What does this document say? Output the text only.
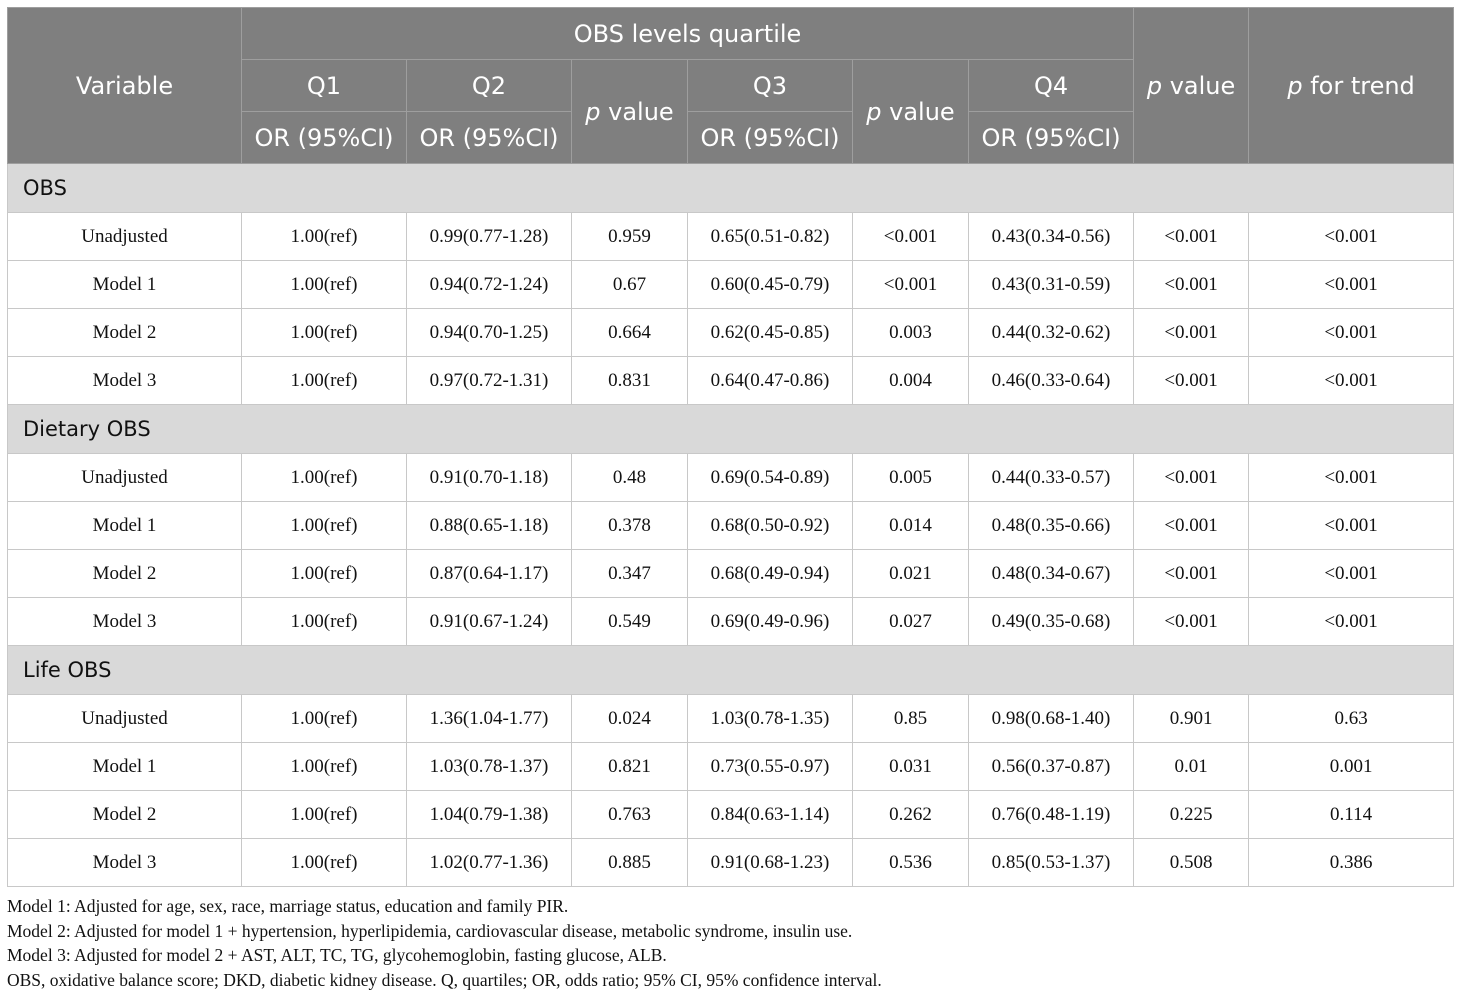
Variable	OBS levels quartile						p value	p for trend
	Q1	Q2	p value	Q3	p value	Q4		
	OR (95%CI)	OR (95%CI)		OR (95%CI)		OR (95%CI)		
OBS								
Unadjusted	1.00(ref)	0.99(0.77-1.28)	0.959	0.65(0.51-0.82)	<0.001	0.43(0.34-0.56)	<0.001	<0.001
Model 1	1.00(ref)	0.94(0.72-1.24)	0.67	0.60(0.45-0.79)	<0.001	0.43(0.31-0.59)	<0.001	<0.001
Model 2	1.00(ref)	0.94(0.70-1.25)	0.664	0.62(0.45-0.85)	0.003	0.44(0.32-0.62)	<0.001	<0.001
Model 3	1.00(ref)	0.97(0.72-1.31)	0.831	0.64(0.47-0.86)	0.004	0.46(0.33-0.64)	<0.001	<0.001
Dietary OBS								
Unadjusted	1.00(ref)	0.91(0.70-1.18)	0.48	0.69(0.54-0.89)	0.005	0.44(0.33-0.57)	<0.001	<0.001
Model 1	1.00(ref)	0.88(0.65-1.18)	0.378	0.68(0.50-0.92)	0.014	0.48(0.35-0.66)	<0.001	<0.001
Model 2	1.00(ref)	0.87(0.64-1.17)	0.347	0.68(0.49-0.94)	0.021	0.48(0.34-0.67)	<0.001	<0.001
Model 3	1.00(ref)	0.91(0.67-1.24)	0.549	0.69(0.49-0.96)	0.027	0.49(0.35-0.68)	<0.001	<0.001
Life OBS								
Unadjusted	1.00(ref)	1.36(1.04-1.77)	0.024	1.03(0.78-1.35)	0.85	0.98(0.68-1.40)	0.901	0.63
Model 1	1.00(ref)	1.03(0.78-1.37)	0.821	0.73(0.55-0.97)	0.031	0.56(0.37-0.87)	0.01	0.001
Model 2	1.00(ref)	1.04(0.79-1.38)	0.763	0.84(0.63-1.14)	0.262	0.76(0.48-1.19)	0.225	0.114
Model 3	1.00(ref)	1.02(0.77-1.36)	0.885	0.91(0.68-1.23)	0.536	0.85(0.53-1.37)	0.508	0.386
Model 1: Adjusted for age, sex, race, marriage status, education and family PIR.
Model 2: Adjusted for model 1 + hypertension, hyperlipidemia, cardiovascular disease, metabolic syndrome, insulin use.
Model 3: Adjusted for model 2 + AST, ALT, TC, TG, glycohemoglobin, fasting glucose, ALB.
OBS, oxidative balance score; DKD, diabetic kidney disease. Q, quartiles; OR, odds ratio; 95% CI, 95% confidence interval.
